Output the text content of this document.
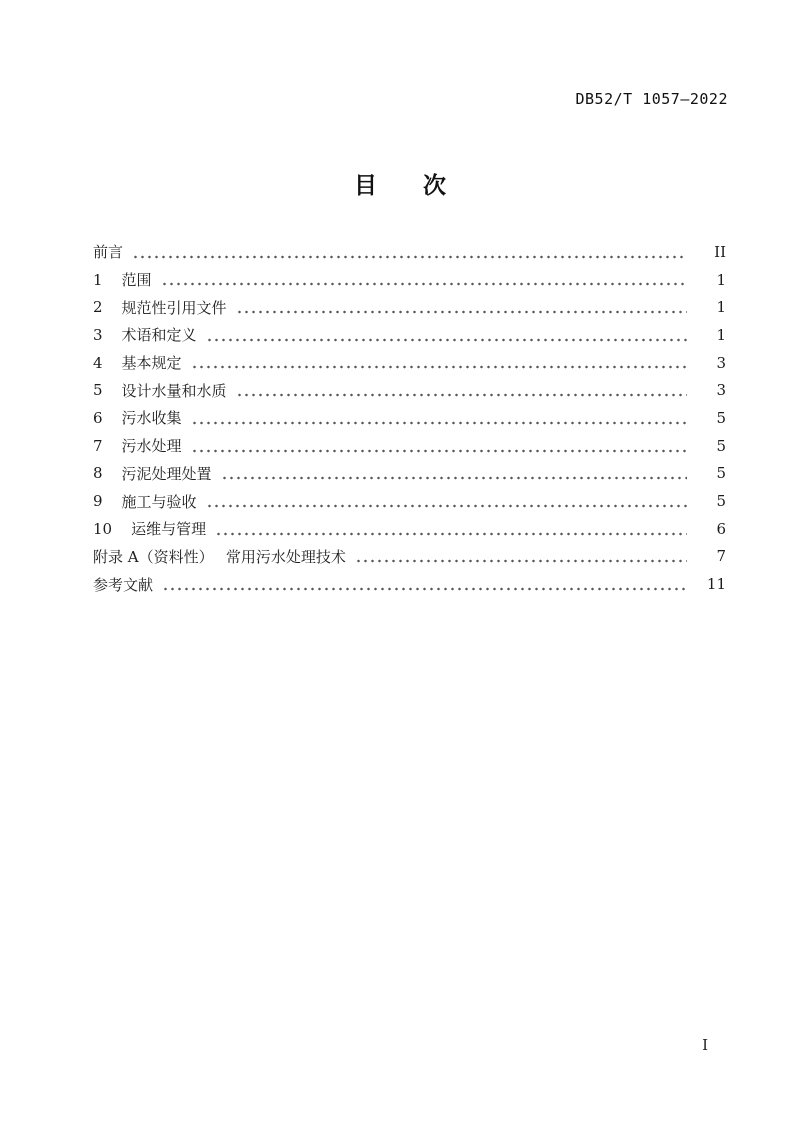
DB52/T 1057—2022
目　　次
前言	II
1 范围	1
2 规范性引用文件	1
3 术语和定义	1
4 基本规定	3
5 设计水量和水质	3
6 污水收集	5
7 污水处理	5
8 污泥处理处置	5
9 施工与验收	5
10 运维与管理	6
附录 A（资料性）　 常用污水处理技术	7
参考文献	11
I
